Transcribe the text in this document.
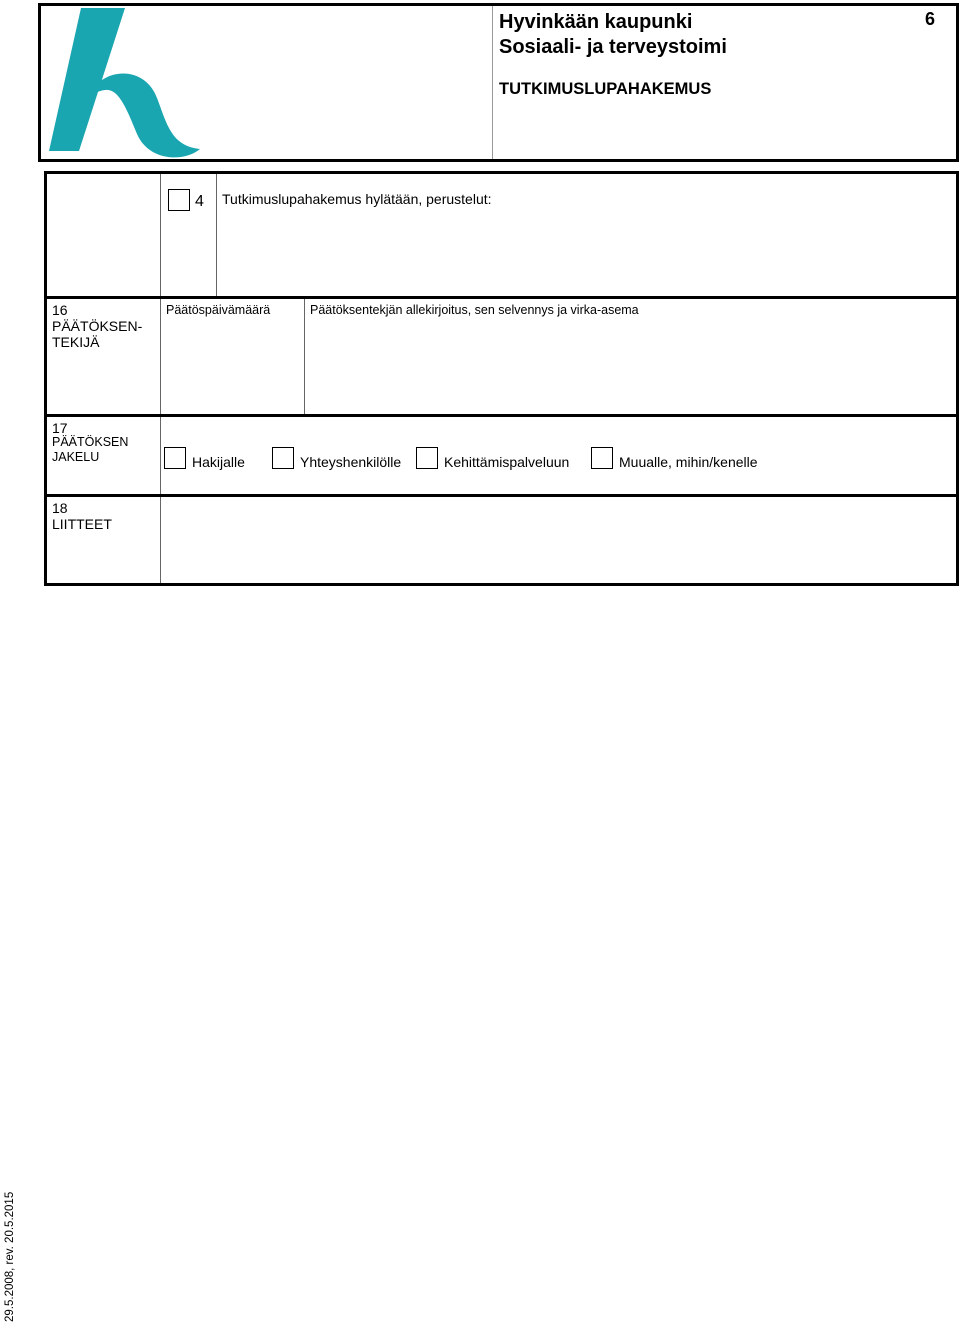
Hyvinkään kaupunki
Sosiaali- ja terveystoimi
TUTKIMUSLUPAHAKEMUS
6
4 Tutkimuslupahakemus hylätään, perustelut:
16
PÄÄTÖKSEN-
TEKIJÄ
Päätöspäivämäärä	Päätöksentekjän allekirjoitus, sen selvennys ja virka-asema
17
PÄÄTÖKSEN
JAKELU	Hakijalle	Yhteyshenkilölle	Kehittämispalveluun	Muualle, mihin/kenelle
18
LIITTEET
29.5.2008, rev. 20.5.2015
